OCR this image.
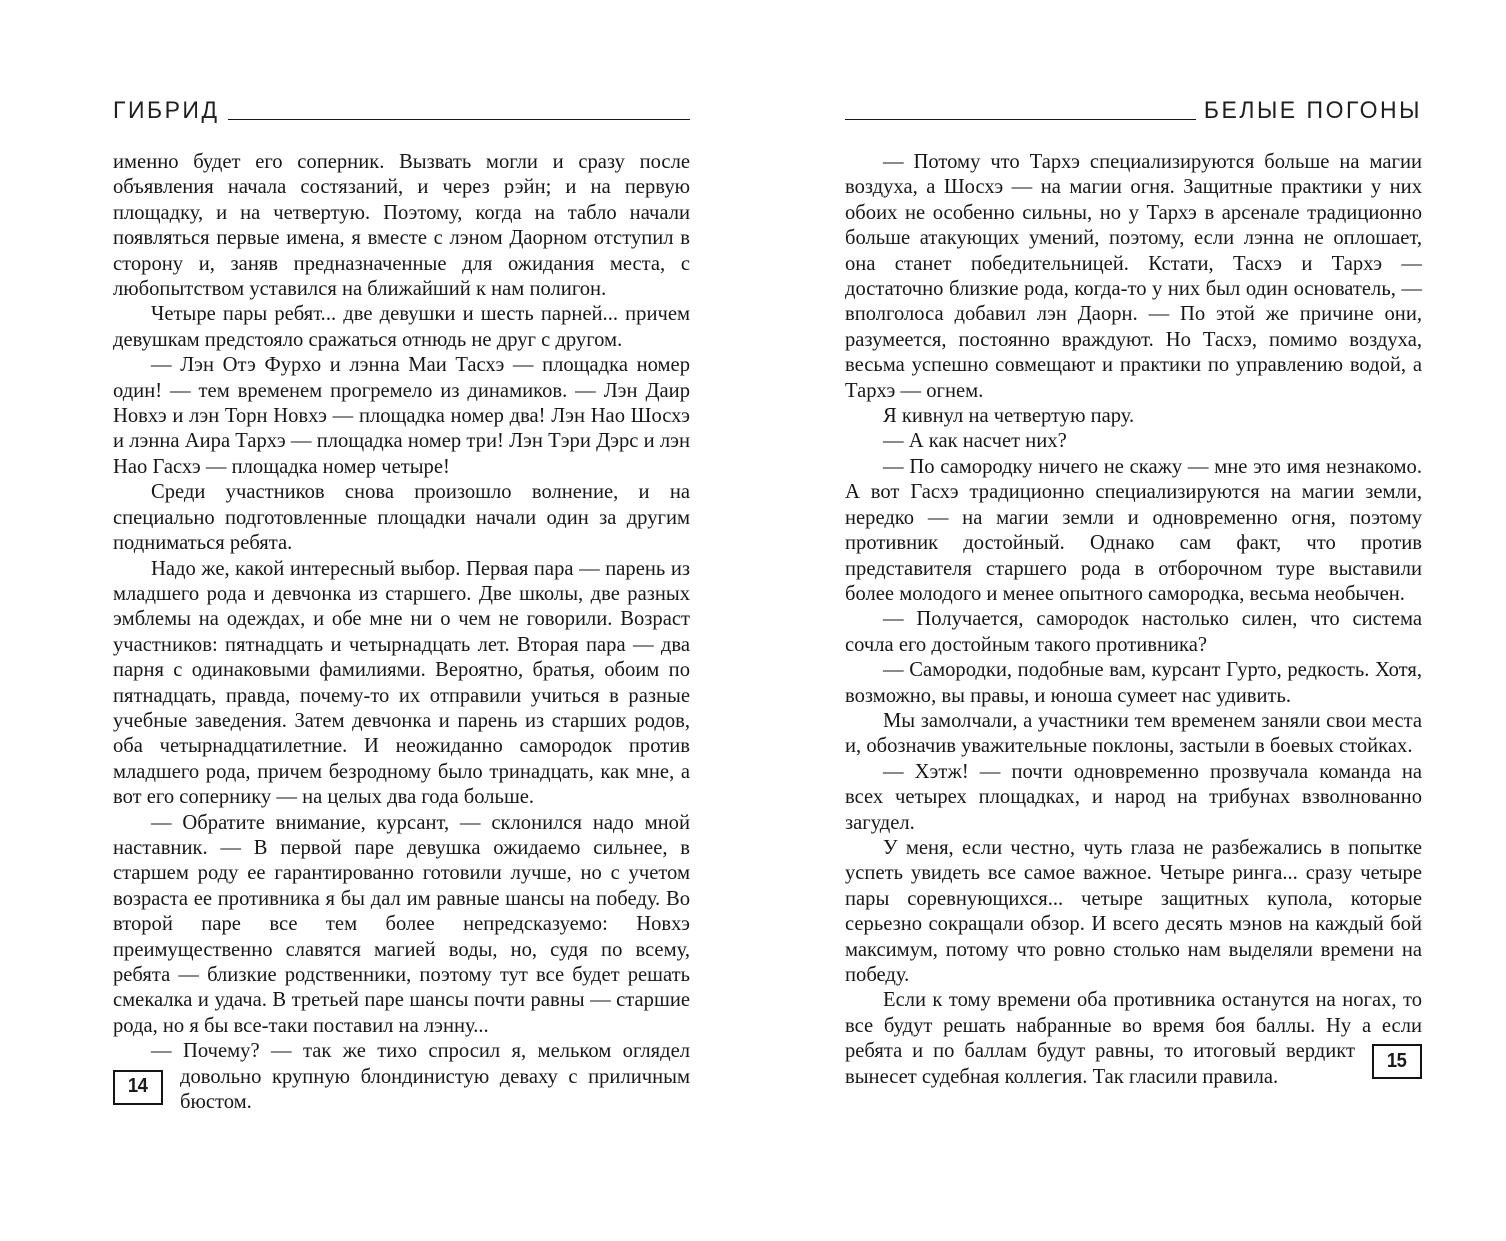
ГИБРИД

именно будет его соперник. Вызвать могли и сразу после объявления начала состязаний, и через рэйн; и на первую площадку, и на четвертую. Поэтому, когда на табло начали появляться первые имена, я вместе с лэном Даорном отступил в сторону и, заняв предназначенные для ожидания места, с любопытством уставился на ближайший к нам полигон.

Четыре пары ребят... две девушки и шесть парней... причем девушкам предстояло сражаться отнюдь не друг с другом.

— Лэн Отэ Фурхо и лэнна Маи Тасхэ — площадка номер один! — тем временем прогремело из динамиков. — Лэн Даир Новхэ и лэн Торн Новхэ — площадка номер два! Лэн Нао Шосхэ и лэнна Аира Тархэ — площадка номер три! Лэн Тэри Дэрс и лэн Нао Гасхэ — площадка номер четыре!

Среди участников снова произошло волнение, и на специально подготовленные площадки начали один за другим подниматься ребята.

Надо же, какой интересный выбор. Первая пара — парень из младшего рода и девчонка из старшего. Две школы, две разных эмблемы на одеждах, и обе мне ни о чем не говорили. Возраст участников: пятнадцать и четырнадцать лет. Вторая пара — два парня с одинаковыми фамилиями. Вероятно, братья, обоим по пятнадцать, правда, почему-то их отправили учиться в разные учебные заведения. Затем девчонка и парень из старших родов, оба четырнадцатилетние. И неожиданно самородок против младшего рода, причем безродному было тринадцать, как мне, а вот его сопернику — на целых два года больше.

— Обратите внимание, курсант, — склонился надо мной наставник. — В первой паре девушка ожидаемо сильнее, в старшем роду ее гарантированно готовили лучше, но с учетом возраста ее противника я бы дал им равные шансы на победу. Во второй паре все тем более непредсказуемо: Новхэ преимущественно славятся магией воды, но, судя по всему, ребята — близкие родственники, поэтому тут все будет решать смекалка и удача. В третьей паре шансы почти равны — старшие рода, но я бы все-таки поставил на лэнну...

— Почему? — так же тихо спросил я, мельком оглядел
14 довольно крупную блондинистую деваху с приличным бюстом.

БЕЛЫЕ ПОГОНЫ

— Потому что Тархэ специализируются больше на магии воздуха, а Шосхэ — на магии огня. Защитные практики у них обоих не особенно сильны, но у Тархэ в арсенале традиционно больше атакующих умений, поэтому, если лэнна не оплошает, она станет победительницей. Кстати, Тасхэ и Тархэ — достаточно близкие рода, когда-то у них был один основатель, — вполголоса добавил лэн Даорн. — По этой же причине они, разумеется, постоянно враждуют. Но Тасхэ, помимо воздуха, весьма успешно совмещают и практики по управлению водой, а Тархэ — огнем.

Я кивнул на четвертую пару.

— А как насчет них?

— По самородку ничего не скажу — мне это имя незнакомо. А вот Гасхэ традиционно специализируются на магии земли, нередко — на магии земли и одновременно огня, поэтому противник достойный. Однако сам факт, что против представителя старшего рода в отборочном туре выставили более молодого и менее опытного самородка, весьма необычен.

— Получается, самородок настолько силен, что система сочла его достойным такого противника?

— Самородки, подобные вам, курсант Гурто, редкость. Хотя, возможно, вы правы, и юноша сумеет нас удивить.

Мы замолчали, а участники тем временем заняли свои места и, обозначив уважительные поклоны, застыли в боевых стойках.

— Хэтж! — почти одновременно прозвучала команда на всех четырех площадках, и народ на трибунах взволнованно загудел.

У меня, если честно, чуть глаза не разбежались в попытке успеть увидеть все самое важное. Четыре ринга... сразу четыре пары соревнующихся... четыре защитных купола, которые серьезно сокращали обзор. И всего десять мэнов на каждый бой максимум, потому что ровно столько нам выделяли времени на победу.

Если к тому времени оба противника останутся на ногах, то все будут решать набранные во время боя баллы. Ну а если
15
ребята и по баллам будут равны, то итоговый вердикт вынесет судебная коллегия. Так гласили правила.
